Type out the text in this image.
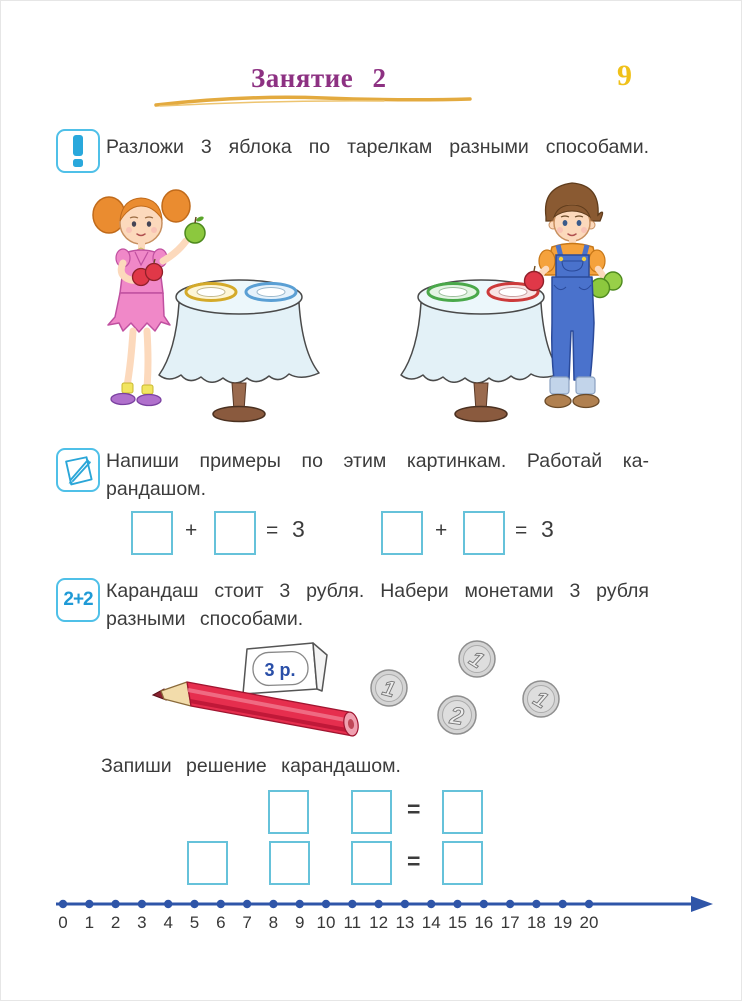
Занятие 2	9
Разложи 3 яблока по тарелкам разными способами.
Напиши примеры по этим картинкам. Работай ка-
рандашом.
+	= 3	+	= 3
2+2 Карандаш стоит 3 рубля. Набери монетами 3 рубля
разными способами.
3 р.
1
1
2
1
Запиши решение карандашом.
=
=
0 1 2 3 4 5 6 7 8 9 10 11 12 13 14 15 16 17 18 19 20
